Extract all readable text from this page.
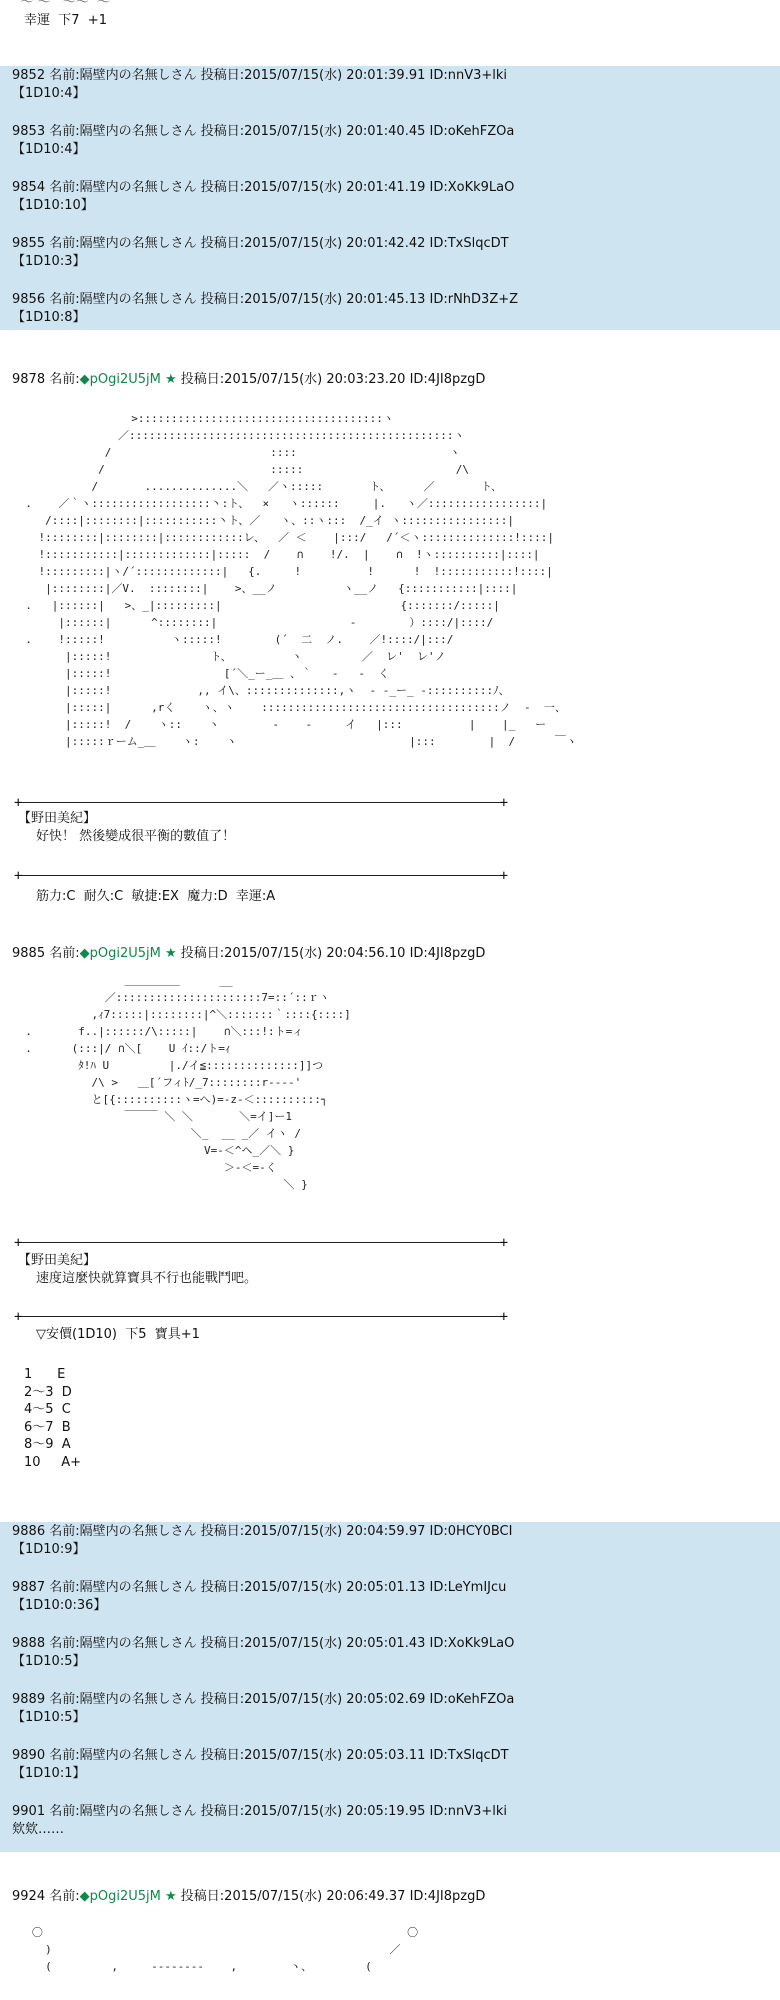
～ ～   ～～  ～
幸運  下7  +1
9852 名前:隔壁内の名無しさん 投稿日:2015/07/15(水) 20:01:39.91 ID:nnV3+lki
【1D10:4】
9853 名前:隔壁内の名無しさん 投稿日:2015/07/15(水) 20:01:40.45 ID:oKehFZOa
【1D10:4】
9854 名前:隔壁内の名無しさん 投稿日:2015/07/15(水) 20:01:41.19 ID:XoKk9LaO
【1D10:10】
9855 名前:隔壁内の名無しさん 投稿日:2015/07/15(水) 20:01:42.42 ID:TxSlqcDT
【1D10:3】
9856 名前:隔壁内の名無しさん 投稿日:2015/07/15(水) 20:01:45.13 ID:rNhD3Z+Z
【1D10:8】
9878 名前:◆pOgi2U5jM ★ 投稿日:2015/07/15(水) 20:03:23.20 ID:4JI8pzgD
>:::::::::::::::::::::::::::::::::::::ヽ
／:::::::::::::::::::::::::::::::::::::::::::::::::ヽ
/                        ::::                       ヽ
/                         :::::                       /\
/       ..............＼   ／ヽ:::::       ト、     ／       ト、
.    ／｀ヽ::::::::::::::::::丶:ト、  ×   ヽ::::::     |.   ヽ／:::::::::::::::::|
/::::|::::::::|:::::::::::丶ト、／   ヽ、::ヽ:::  /_イ ヽ::::::::::::::::|
!::::::::|::::::::|::::::::::::レ、  ／ ＜    |:::/   /´＜ヽ::::::::::::::!::::|
!:::::::::::|:::::::::::::|:::::  /    ∩    !/.  |    ∩  !ヽ::::::::::|::::|
!:::::::::|ヽ/´:::::::::::::|   {.     !          !      !  !:::::::::::!::::|
|::::::::|／V.  ::::::::|    >、__ノ          ヽ__ノ   {:::::::::::|::::|
.   |::::::|   >、_|:::::::::|                           {:::::::/:::::|
|::::::|      ^::::::::|                    ‐        ）::::/|::::/
.    !:::::!          ヽ:::::!        (´  二  ノ.    ／!::::/|:::/
|:::::!               ト、         ヽ         ／  レ'  レ'ノ
|:::::!                 [´＼_ー_＿ 、｀   ‐   ‐  く
|:::::!             ,, イ\、::::::::::::::,ヽ  ‐ ‐_ー_ ‐::::::::::ﾉ、
|:::::|      ,rく    ヽ、ヽ    ::::::::::::::::::::::::::::::::::::ノ  ‐  一、
|:::::!  /    ヽ::    ヽ        ‐    ‐     イ   |:::          |    |_   ー
|:::::ｒーム_＿    ヽ:    ヽ                          |:::        |  /      ￣ヽ
+	+
【野田美紀】
好快！ 然後變成很平衡的數值了！
+	+
筋力:C  耐久:C  敏捷:EX  魔力:D  幸運:A
9885 名前:◆pOgi2U5jM ★ 投稿日:2015/07/15(水) 20:04:56.10 ID:4JI8pzgD
＿＿＿＿＿      __
／::::::::::::::::::::::7=::´::ｒヽ
,ｨ7:::::|::::::::|^＼:::::::｀::::{::::]
.       f..|::::::/\:::::|    ∩＼:::!:ト=ィ
.      (:::|/ ∩＼[    U ｲ::/ト=ｨ
ﾀ!ﾊ U         |./イ≦::::::::::::::]]つ
/\ >   ＿[´フィﾄ/_7::::::::r‐‐‐‐'
と[{::::::::::ヽ=へ)=-z-＜::::::::::┐
￣￣￣ ＼ ＼       ＼=イ]ー1
＼_  __ _／ イヽ /
V=‐＜^ヘ_／＼ }
＞‐＜=‐く
＼ }
+	+
【野田美紀】
速度這麼快就算寶具不行也能戰鬥吧。
+	+
▽安價(1D10)  下5  寶具+1
1      E
2～3  D
4～5  C
6～7  B
8～9  A
10     A+
9886 名前:隔壁内の名無しさん 投稿日:2015/07/15(水) 20:04:59.97 ID:0HCY0BCI
【1D10:9】
9887 名前:隔壁内の名無しさん 投稿日:2015/07/15(水) 20:05:01.13 ID:LeYmIJcu
【1D10:0:36】
9888 名前:隔壁内の名無しさん 投稿日:2015/07/15(水) 20:05:01.43 ID:XoKk9LaO
【1D10:5】
9889 名前:隔壁内の名無しさん 投稿日:2015/07/15(水) 20:05:02.69 ID:oKehFZOa
【1D10:5】
9890 名前:隔壁内の名無しさん 投稿日:2015/07/15(水) 20:05:03.11 ID:TxSlqcDT
【1D10:1】
9901 名前:隔壁内の名無しさん 投稿日:2015/07/15(水) 20:05:19.95 ID:nnV3+lki
欸欸……
9924 名前:◆pOgi2U5jM ★ 投稿日:2015/07/15(水) 20:06:49.37 ID:4JI8pzgD
〇                                                       〇
)                                                   ／
(         ,     ‐‐‐‐‐‐‐‐    ,        ヽ、        (
